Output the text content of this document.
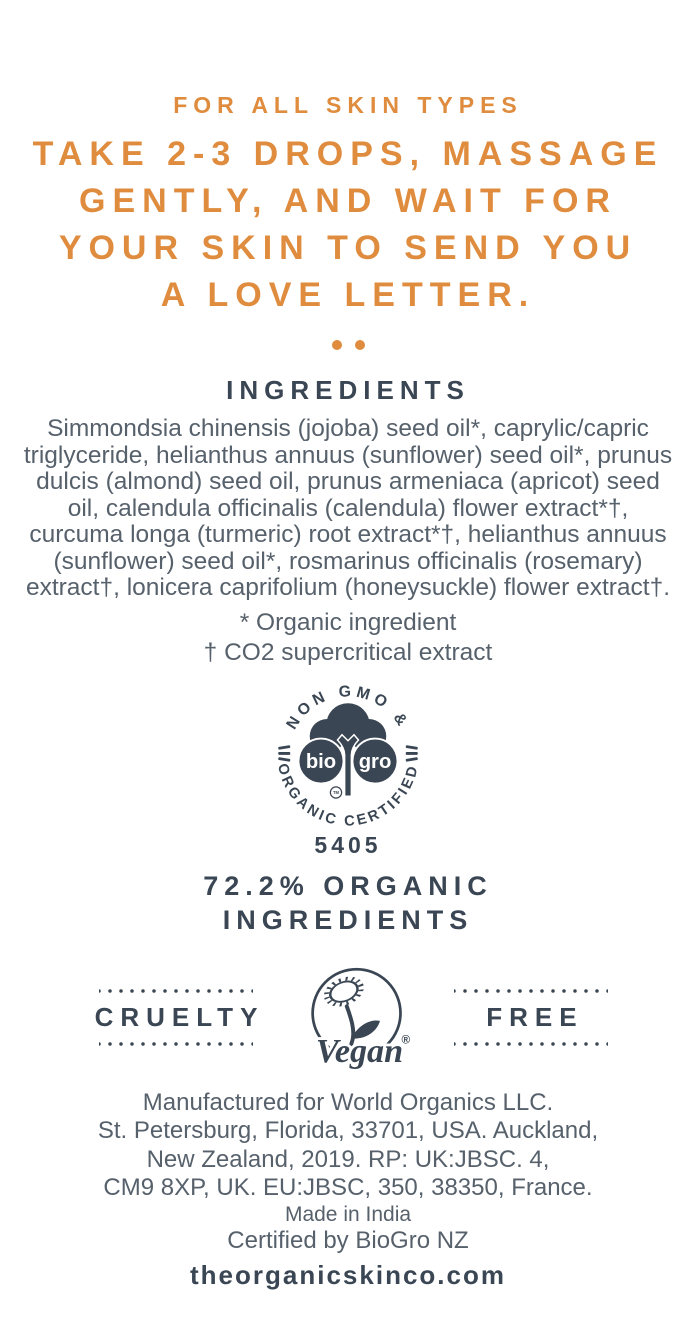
FOR ALL SKIN TYPES
TAKE 2-3 DROPS, MASSAGE
GENTLY, AND WAIT FOR
YOUR SKIN TO SEND YOU
A LOVE LETTER.
INGREDIENTS

Simmondsia chinensis (jojoba) seed oil*, caprylic/capric triglyceride, helianthus annuus (sunflower) seed oil*, prunus dulcis (almond) seed oil, prunus armeniaca (apricot) seed oil, calendula officinalis (calendula) flower extract*†, curcuma longa (turmeric) root extract*†, helianthus annuus (sunflower) seed oil*, rosmarinus officinalis (rosemary) extract†, lonicera caprifolium (honeysuckle) flower extract†.

* Organic ingredient
† CO2 supercritical extract
NON GMO &
ORGANIC CERTIFIED
bio gro
TM
5405
72.2% ORGANIC INGREDIENTS
CRUELTY
Vegan
®
FREE
Manufactured for World Organics LLC.
St. Petersburg, Florida, 33701, USA. Auckland,
New Zealand, 2019. RP: UK:JBSC. 4,
CM9 8XP, UK. EU:JBSC, 350, 38350, France.
Made in India
Certified by BioGro NZ
theorganicskinco.com
